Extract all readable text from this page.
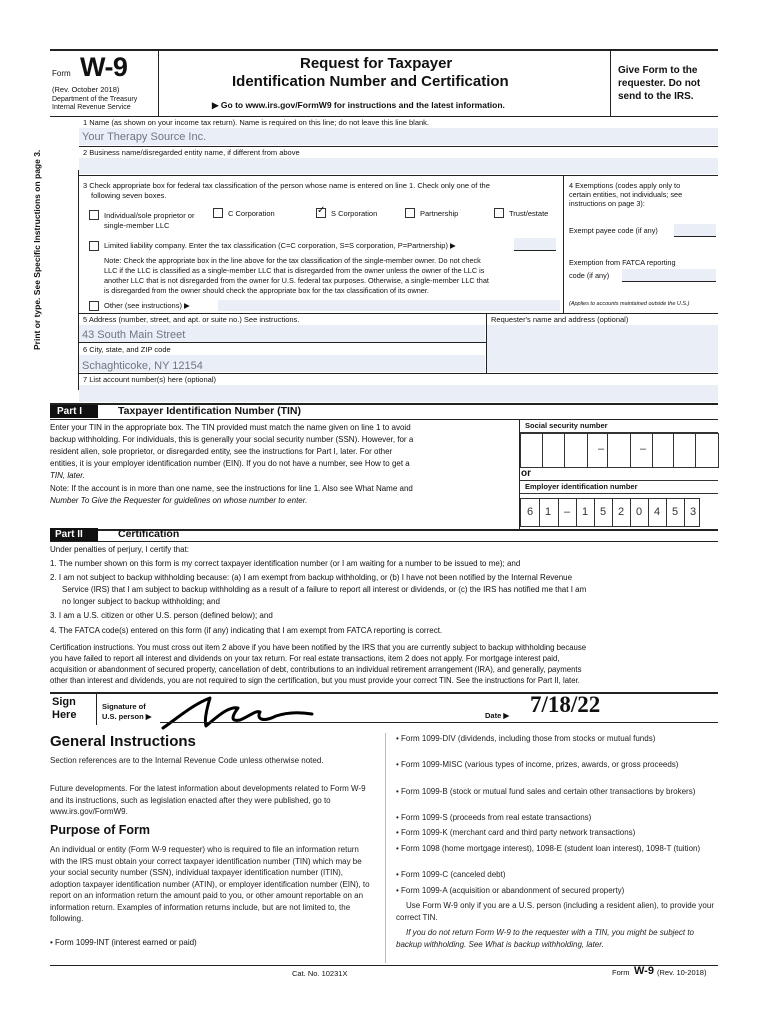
Form W-9
(Rev. October 2018)
Department of the Treasury
Internal Revenue Service
Request for Taxpayer
Identification Number and Certification
▶ Go to www.irs.gov/FormW9 for instructions and the latest information.
Give Form to the
requester. Do not
send to the IRS.
Print or type. See Specific Instructions on page 3.
1 Name (as shown on your income tax return). Name is required on this line; do not leave this line blank.
Your Therapy Source Inc.
2 Business name/disregarded entity name, if different from above
3 Check appropriate box for federal tax classification of the person whose name is entered on line 1. Check only one of the
following seven boxes.
Individual/sole proprietor or
single-member LLC
C Corporation	✓ S Corporation	Partnership	Trust/estate
Limited liability company. Enter the tax classification (C=C corporation, S=S corporation, P=Partnership) ▶
Note: Check the appropriate box in the line above for the tax classification of the single-member owner. Do not check
LLC if the LLC is classified as a single-member LLC that is disregarded from the owner unless the owner of the LLC is
another LLC that is not disregarded from the owner for U.S. federal tax purposes. Otherwise, a single-member LLC that
is disregarded from the owner should check the appropriate box for the tax classification of its owner.
Other (see instructions) ▶
4 Exemptions (codes apply only to
certain entities, not individuals; see
instructions on page 3):
Exempt payee code (if any)
Exemption from FATCA reporting
code (if any)
(Applies to accounts maintained outside the U.S.)
5 Address (number, street, and apt. or suite no.) See instructions.
43 South Main Street
Requester's name and address (optional)
6 City, state, and ZIP code
Schaghticoke, NY 12154
7 List account number(s) here (optional)
Part I	Taxpayer Identification Number (TIN)
Enter your TIN in the appropriate box. The TIN provided must match the name given on line 1 to avoid
backup withholding. For individuals, this is generally your social security number (SSN). However, for a
resident alien, sole proprietor, or disregarded entity, see the instructions for Part I, later. For other
entities, it is your employer identification number (EIN). If you do not have a number, see How to get a
TIN, later.
Note: If the account is in more than one name, see the instructions for line 1. Also see What Name and
Number To Give the Requester for guidelines on whose number to enter.
Social security number
–	–
or
Employer identification number
6	1	–	1	5	2	0	4	5	3
Part II	Certification
Under penalties of perjury, I certify that:
1. The number shown on this form is my correct taxpayer identification number (or I am waiting for a number to be issued to me); and
2. I am not subject to backup withholding because: (a) I am exempt from backup withholding, or (b) I have not been notified by the Internal Revenue
Service (IRS) that I am subject to backup withholding as a result of a failure to report all interest or dividends, or (c) the IRS has notified me that I am
no longer subject to backup withholding; and
3. I am a U.S. citizen or other U.S. person (defined below); and
4. The FATCA code(s) entered on this form (if any) indicating that I am exempt from FATCA reporting is correct.
Certification instructions. You must cross out item 2 above if you have been notified by the IRS that you are currently subject to backup withholding because
you have failed to report all interest and dividends on your tax return. For real estate transactions, item 2 does not apply. For mortgage interest paid,
acquisition or abandonment of secured property, cancellation of debt, contributions to an individual retirement arrangement (IRA), and generally, payments
other than interest and dividends, you are not required to sign the certification, but you must provide your correct TIN. See the instructions for Part II, later.
Sign
Here
Signature of
U.S. person ▶	Date ▶ 7/18/22
General Instructions

Section references are to the Internal Revenue Code unless otherwise noted.

Future developments. For the latest information about developments related to Form W-9 and its instructions, such as legislation enacted after they were published, go to www.irs.gov/FormW9.

Purpose of Form

An individual or entity (Form W-9 requester) who is required to file an information return with the IRS must obtain your correct taxpayer identification number (TIN) which may be your social security number (SSN), individual taxpayer identification number (ITIN), adoption taxpayer identification number (ATIN), or employer identification number (EIN), to report on an information return the amount paid to you, or other amount reportable on an information return. Examples of information returns include, but are not limited to, the following.

• Form 1099-INT (interest earned or paid)

• Form 1099-DIV (dividends, including those from stocks or mutual funds)

• Form 1099-MISC (various types of income, prizes, awards, or gross proceeds)

• Form 1099-B (stock or mutual fund sales and certain other transactions by brokers)

• Form 1099-S (proceeds from real estate transactions)

• Form 1099-K (merchant card and third party network transactions)

• Form 1098 (home mortgage interest), 1098-E (student loan interest), 1098-T (tuition)

• Form 1099-C (canceled debt)

• Form 1099-A (acquisition or abandonment of secured property)

Use Form W-9 only if you are a U.S. person (including a resident alien), to provide your correct TIN.

If you do not return Form W-9 to the requester with a TIN, you might be subject to backup withholding. See What is backup withholding, later.

Cat. No. 10231X	Form W-9 (Rev. 10-2018)
